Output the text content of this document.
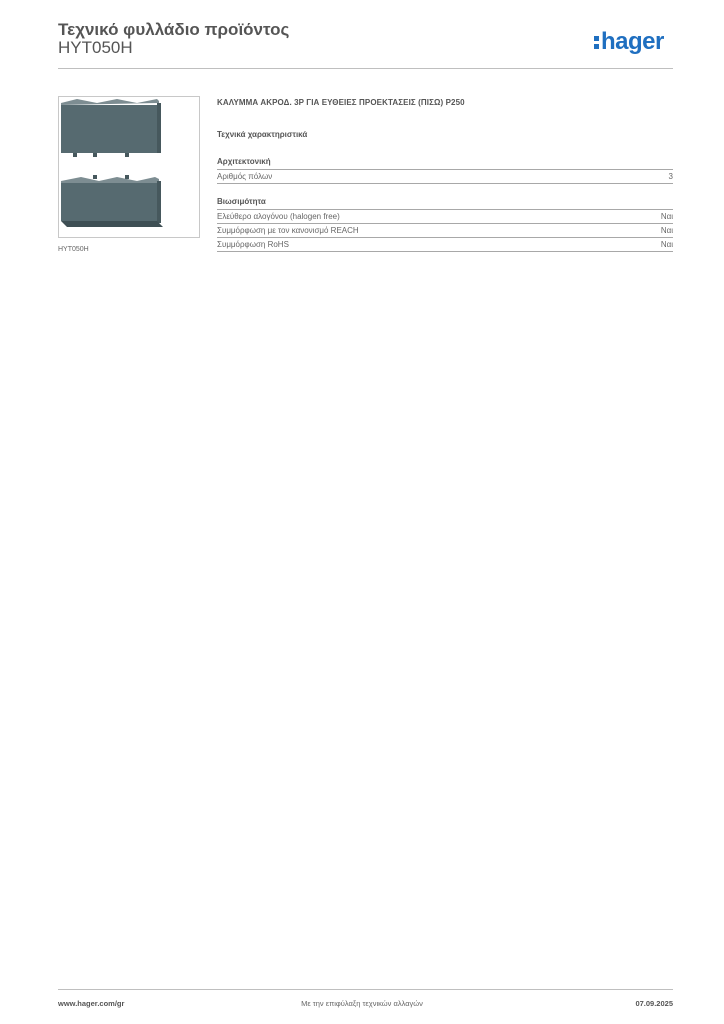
Τεχνικό φυλλάδιο προϊόντος
HYT050H	hager
HYT050H
ΚΑΛΥΜΜΑ ΑΚΡΟΔ. 3P ΓΙΑ ΕΥΘΕΙΕΣ ΠΡΟΕΚΤΑΣΕΙΣ (ΠΙΣΩ) P250
Τεχνικά χαρακτηριστικά
Αρχιτεκτονική
Αριθμός πόλων	3
Βιωσιμότητα
Ελεύθερο αλογόνου (halogen free)	Ναι
Συμμόρφωση με τον κανονισμό REACH	Ναι
Συμμόρφωση RoHS	Ναι
www.hager.com/gr	Με την επιφύλαξη τεχνικών αλλαγών	07.09.2025
